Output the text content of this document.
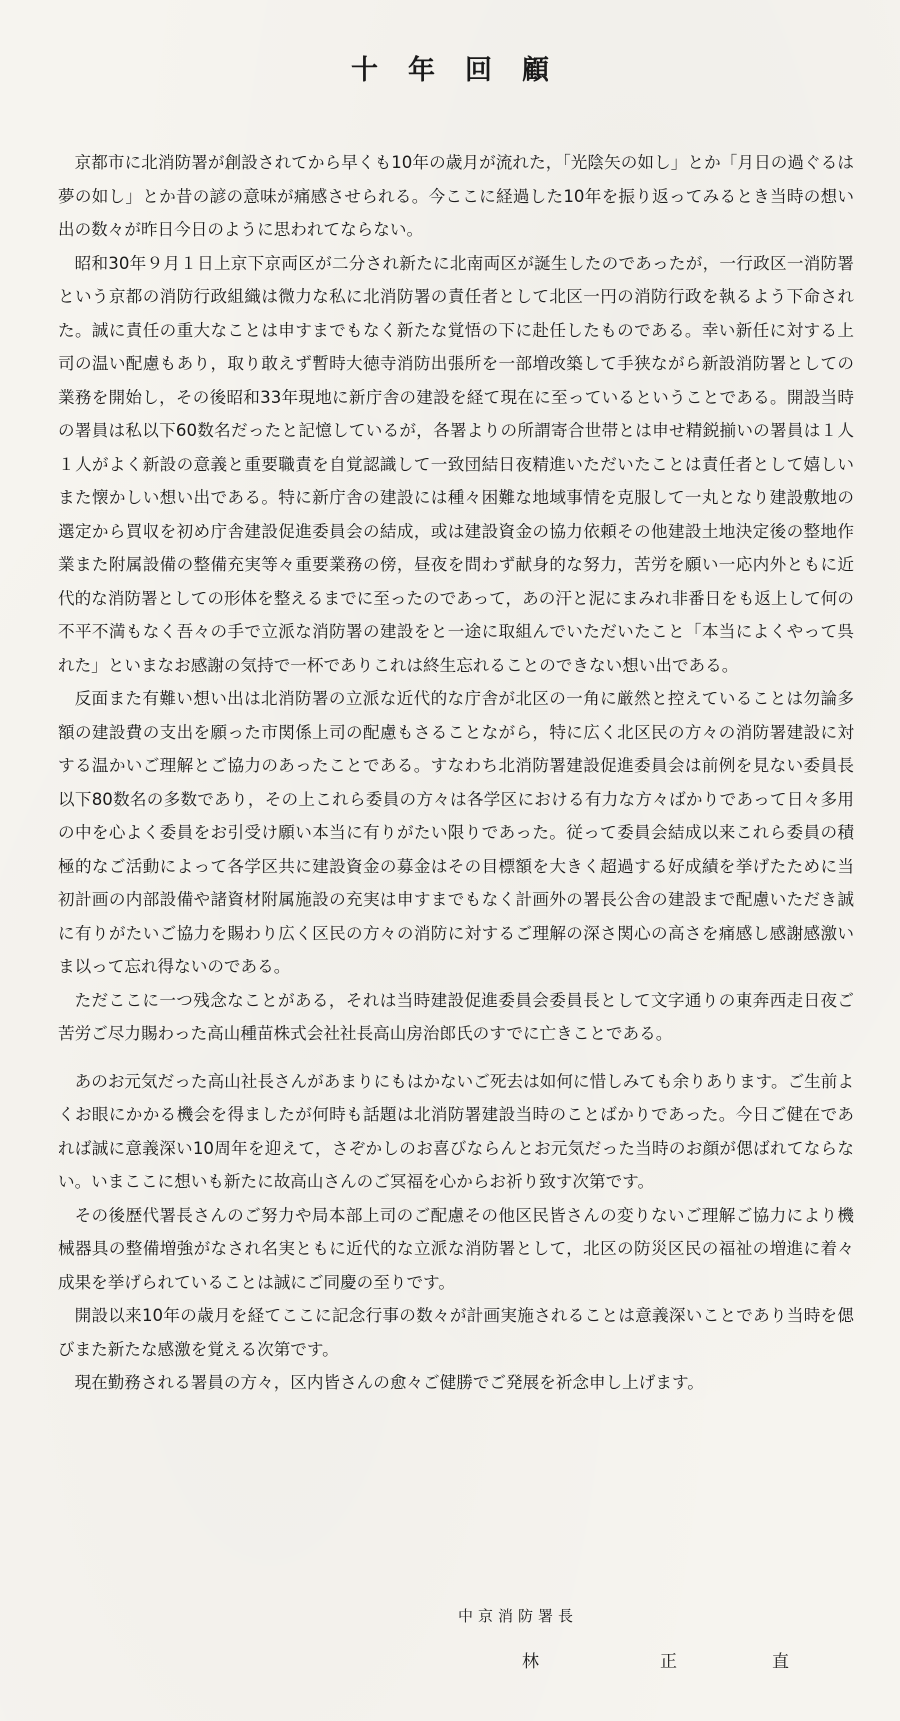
十年回顧

京都市に北消防署が創設されてから早くも10年の歳月が流れた，「光陰矢の如し」とか「月日の過ぐるは夢の如し」とか昔の諺の意味が痛感させられる。今ここに経過した10年を振り返ってみるとき当時の想い出の数々が昨日今日のように思われてならない。

昭和30年９月１日上京下京両区が二分され新たに北南両区が誕生したのであったが，一行政区一消防署という京都の消防行政組織は微力な私に北消防署の責任者として北区一円の消防行政を執るよう下命された。誠に責任の重大なことは申すまでもなく新たな覚悟の下に赴任したものである。幸い新任に対する上司の温い配慮もあり，取り敢えず暫時大徳寺消防出張所を一部増改築して手狭ながら新設消防署としての業務を開始し，その後昭和33年現地に新庁舎の建設を経て現在に至っているということである。開設当時の署員は私以下60数名だったと記憶しているが，各署よりの所謂寄合世帯とは申せ精鋭揃いの署員は１人１人がよく新設の意義と重要職責を自覚認識して一致団結日夜精進いただいたことは責任者として嬉しいまた懐かしい想い出である。特に新庁舎の建設には種々困難な地域事情を克服して一丸となり建設敷地の選定から買収を初め庁舎建設促進委員会の結成，或は建設資金の協力依頼その他建設土地決定後の整地作業また附属設備の整備充実等々重要業務の傍，昼夜を問わず献身的な努力，苦労を願い一応内外ともに近代的な消防署としての形体を整えるまでに至ったのであって，あの汗と泥にまみれ非番日をも返上して何の不平不満もなく吾々の手で立派な消防署の建設をと一途に取組んでいただいたこと「本当によくやって呉れた」といまなお感謝の気持で一杯でありこれは終生忘れることのできない想い出である。

反面また有難い想い出は北消防署の立派な近代的な庁舎が北区の一角に厳然と控えていることは勿論多額の建設費の支出を願った市関係上司の配慮もさることながら，特に広く北区民の方々の消防署建設に対する温かいご理解とご協力のあったことである。すなわち北消防署建設促進委員会は前例を見ない委員長以下80数名の多数であり，その上これら委員の方々は各学区における有力な方々ばかりであって日々多用の中を心よく委員をお引受け願い本当に有りがたい限りであった。従って委員会結成以来これら委員の積極的なご活動によって各学区共に建設資金の募金はその目標額を大きく超過する好成績を挙げたために当初計画の内部設備や諸資材附属施設の充実は申すまでもなく計画外の署長公舎の建設まで配慮いただき誠に有りがたいご協力を賜わり広く区民の方々の消防に対するご理解の深さ関心の高さを痛感し感謝感激いま以って忘れ得ないのである。

ただここに一つ残念なことがある，それは当時建設促進委員会委員長として文字通りの東奔西走日夜ご苦労ご尽力賜わった高山種苗株式会社社長高山房治郎氏のすでに亡きことである。

あのお元気だった高山社長さんがあまりにもはかないご死去は如何に惜しみても余りあります。ご生前よくお眼にかかる機会を得ましたが何時も話題は北消防署建設当時のことばかりであった。今日ご健在であれば誠に意義深い10周年を迎えて，さぞかしのお喜びならんとお元気だった当時のお顔が偲ばれてならない。いまここに想いも新たに故高山さんのご冥福を心からお祈り致す次第です。

その後歴代署長さんのご努力や局本部上司のご配慮その他区民皆さんの変りないご理解ご協力により機械器具の整備増強がなされ名実ともに近代的な立派な消防署として，北区の防災区民の福祉の増進に着々成果を挙げられていることは誠にご同慶の至りです。

開設以来10年の歳月を経てここに記念行事の数々が計画実施されることは意義深いことであり当時を偲びまた新たな感激を覚える次第です。

現在勤務される署員の方々，区内皆さんの愈々ご健勝でご発展を祈念申し上げます。

中京消防署長
林	正	直
